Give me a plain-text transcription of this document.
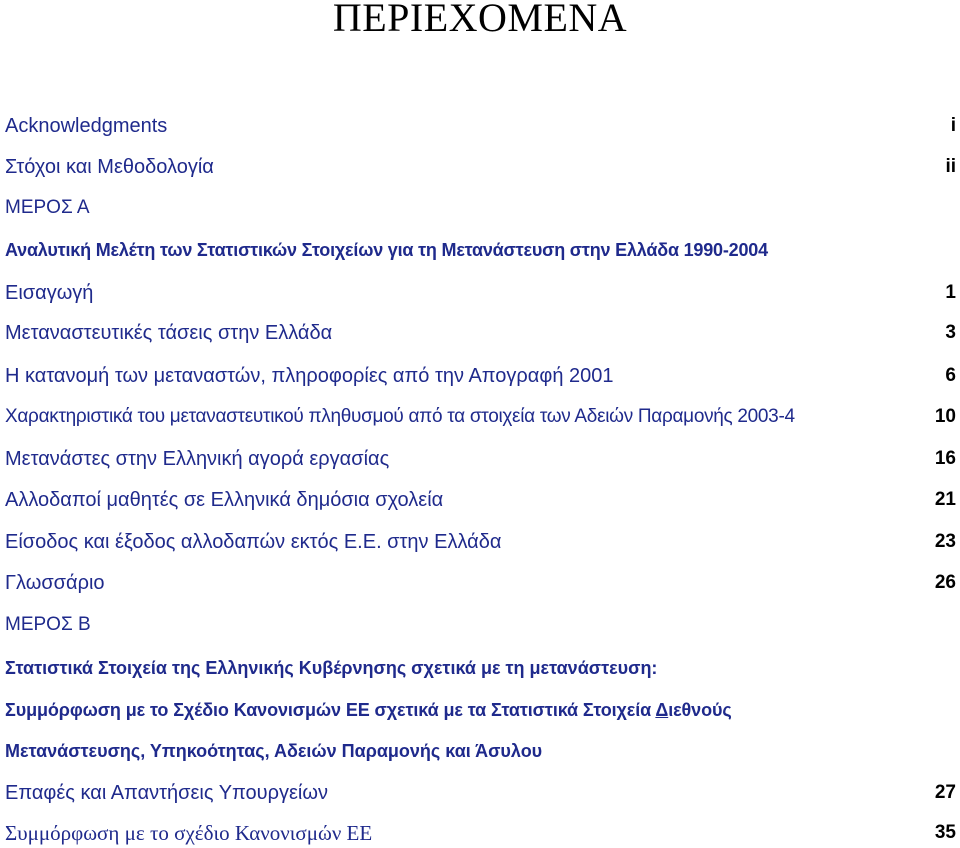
ΠΕΡΙΕΧΟΜΕΝΑ
Acknowledgments	i
Στόχοι και Μεθοδολογία	ii
ΜΕΡΟΣ Α
Αναλυτική Μελέτη των Στατιστικών Στοιχείων για τη Μετανάστευση στην Ελλάδα 1990-2004
Εισαγωγή	1
Μεταναστευτικές τάσεις στην Ελλάδα	3
Η κατανομή των μεταναστών, πληροφορίες από την Απογραφή 2001	6
Χαρακτηριστικά του μεταναστευτικού πληθυσμού από τα στοιχεία των Αδειών Παραμονής 2003-4	10
Μετανάστες στην Ελληνική αγορά εργασίας	16
Αλλοδαποί μαθητές σε Ελληνικά δημόσια σχολεία	21
Είσοδος και έξοδος αλλοδαπών εκτός Ε.Ε. στην Ελλάδα	23
Γλωσσάριο	26
ΜΕΡΟΣ Β
Στατιστικά Στοιχεία της Ελληνικής Κυβέρνησης σχετικά με τη μετανάστευση:
Συμμόρφωση με το Σχέδιο Κανονισμών ΕΕ σχετικά με τα Στατιστικά Στοιχεία Διεθνούς
Μετανάστευσης, Υπηκοότητας, Αδειών Παραμονής και Άσυλου
Επαφές και Απαντήσεις Υπουργείων	27
Συμμόρφωση με το σχέδιο Κανονισμών ΕΕ	35
